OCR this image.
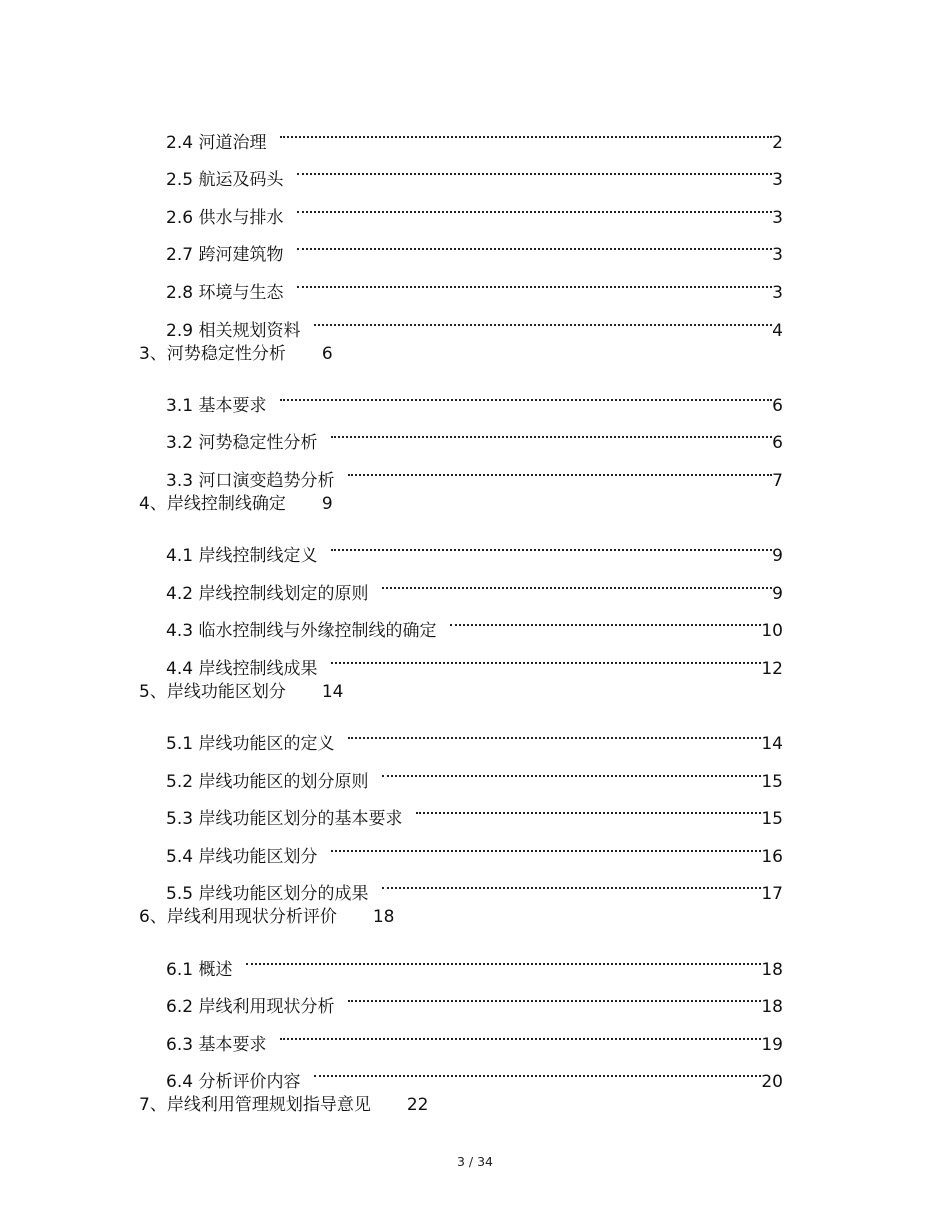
2.4 河道治理	2
2.5 航运及码头	3
2.6 供水与排水	3
2.7 跨河建筑物	3
2.8 环境与生态	3
2.9 相关规划资料	4
3、河势稳定性分析	6
3.1 基本要求	6
3.2 河势稳定性分析	6
3.3 河口演变趋势分析	7
4、岸线控制线确定	9
4.1 岸线控制线定义	9
4.2 岸线控制线划定的原则	9
4.3 临水控制线与外缘控制线的确定	10
4.4 岸线控制线成果	12
5、岸线功能区划分	14
5.1 岸线功能区的定义	14
5.2 岸线功能区的划分原则	15
5.3 岸线功能区划分的基本要求	15
5.4 岸线功能区划分	16
5.5 岸线功能区划分的成果	17
6、岸线利用现状分析评价	18
6.1 概述	18
6.2 岸线利用现状分析	18
6.3 基本要求	19
6.4 分析评价内容	20
7、岸线利用管理规划指导意见	22
3 / 34
